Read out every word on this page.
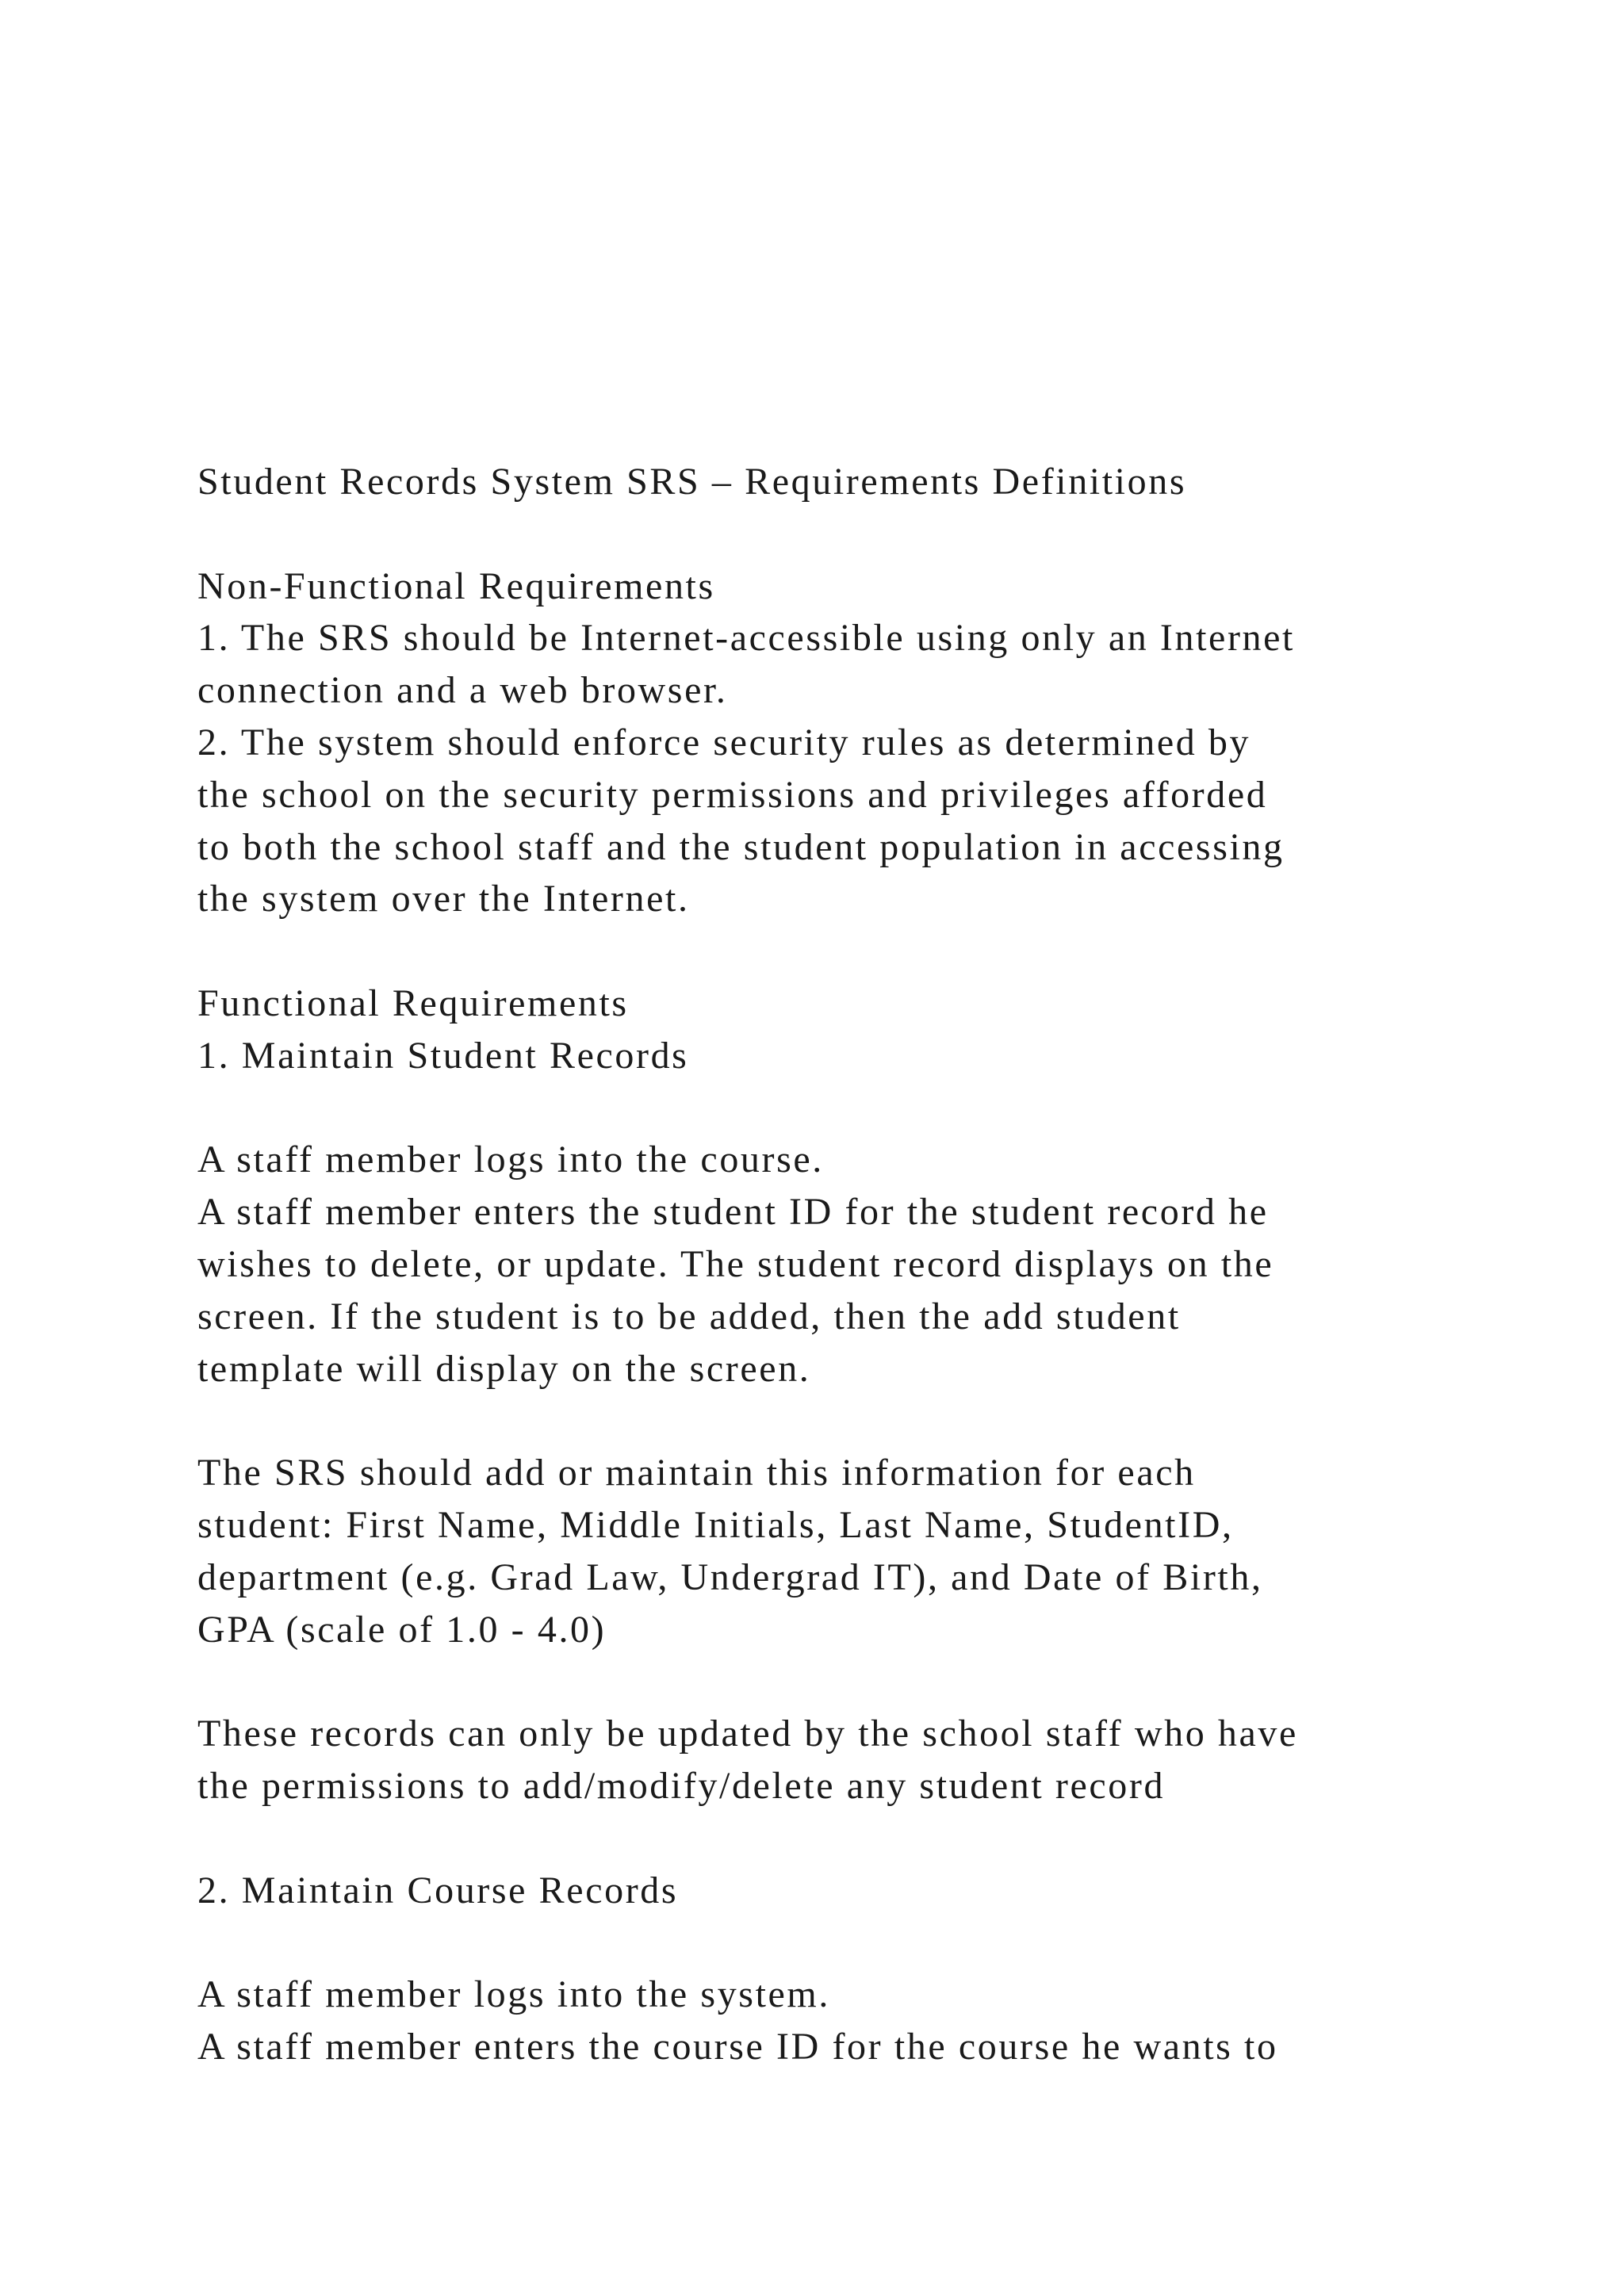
Student Records System SRS – Requirements Definitions
Non-Functional Requirements
1. The SRS should be Internet-accessible using only an Internet
connection and a web browser.
2. The system should enforce security rules as determined by
the school on the security permissions and privileges afforded
to both the school staff and the student population in accessing
the system over the Internet.
Functional Requirements
1. Maintain Student Records
A staff member logs into the course.
A staff member enters the student ID for the student record he
wishes to delete, or update. The student record displays on the
screen. If the student is to be added, then the add student
template will display on the screen.
The SRS should add or maintain this information for each
student: First Name, Middle Initials, Last Name, StudentID,
department (e.g. Grad Law, Undergrad IT), and Date of Birth,
GPA (scale of 1.0 - 4.0)
These records can only be updated by the school staff who have
the permissions to add/modify/delete any student record
2. Maintain Course Records
A staff member logs into the system.
A staff member enters the course ID for the course he wants to
